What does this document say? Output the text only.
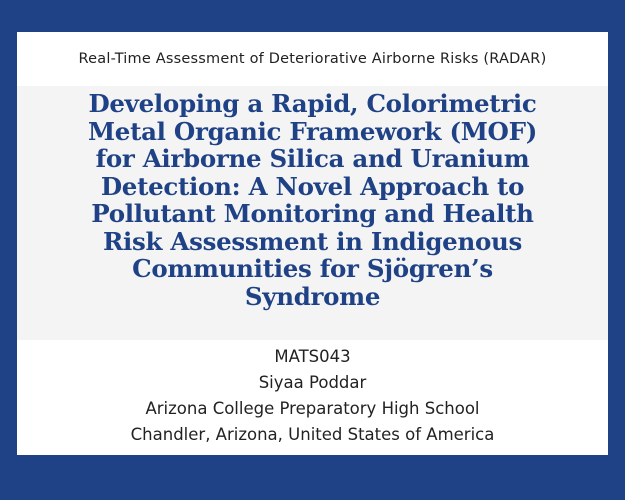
Real-Time Assessment of Deteriorative Airborne Risks (RADAR)
Developing a Rapid, Colorimetric
Metal Organic Framework (MOF)
for Airborne Silica and Uranium
Detection: A Novel Approach to
Pollutant Monitoring and Health
Risk Assessment in Indigenous
Communities for Sjögren’s
Syndrome
MATS043
Siyaa Poddar
Arizona College Preparatory High School
Chandler, Arizona, United States of America
